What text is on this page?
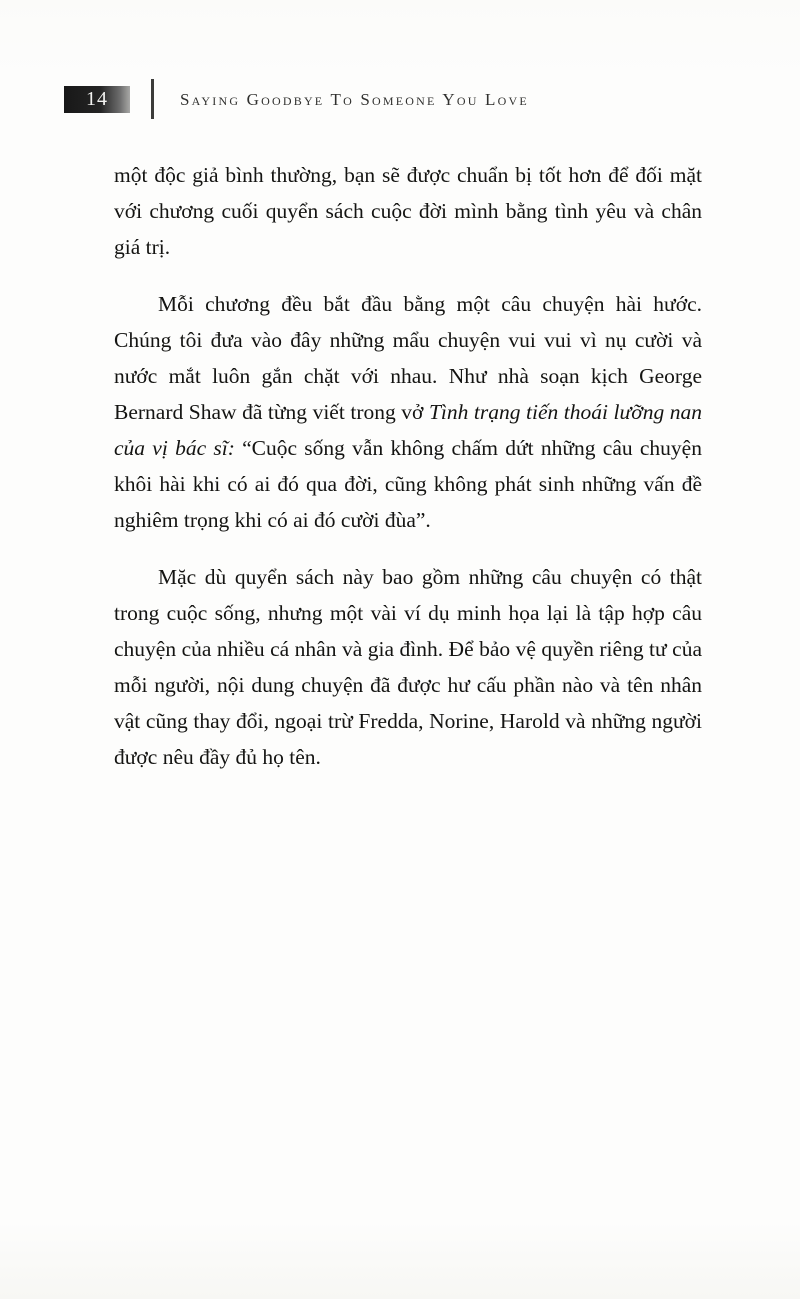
14	Saying Goodbye To Someone You Love

một độc giả bình thường, bạn sẽ được chuẩn bị tốt hơn để đối mặt với chương cuối quyển sách cuộc đời mình bằng tình yêu và chân giá trị.

Mỗi chương đều bắt đầu bằng một câu chuyện hài hước. Chúng tôi đưa vào đây những mẩu chuyện vui vui vì nụ cười và nước mắt luôn gắn chặt với nhau. Như nhà soạn kịch George Bernard Shaw đã từng viết trong vở Tình trạng tiến thoái lưỡng nan của vị bác sĩ: “Cuộc sống vẫn không chấm dứt những câu chuyện khôi hài khi có ai đó qua đời, cũng không phát sinh những vấn đề nghiêm trọng khi có ai đó cười đùa”.

Mặc dù quyển sách này bao gồm những câu chuyện có thật trong cuộc sống, nhưng một vài ví dụ minh họa lại là tập hợp câu chuyện của nhiều cá nhân và gia đình. Để bảo vệ quyền riêng tư của mỗi người, nội dung chuyện đã được hư cấu phần nào và tên nhân vật cũng thay đổi, ngoại trừ Fredda, Norine, Harold và những người được nêu đầy đủ họ tên.
